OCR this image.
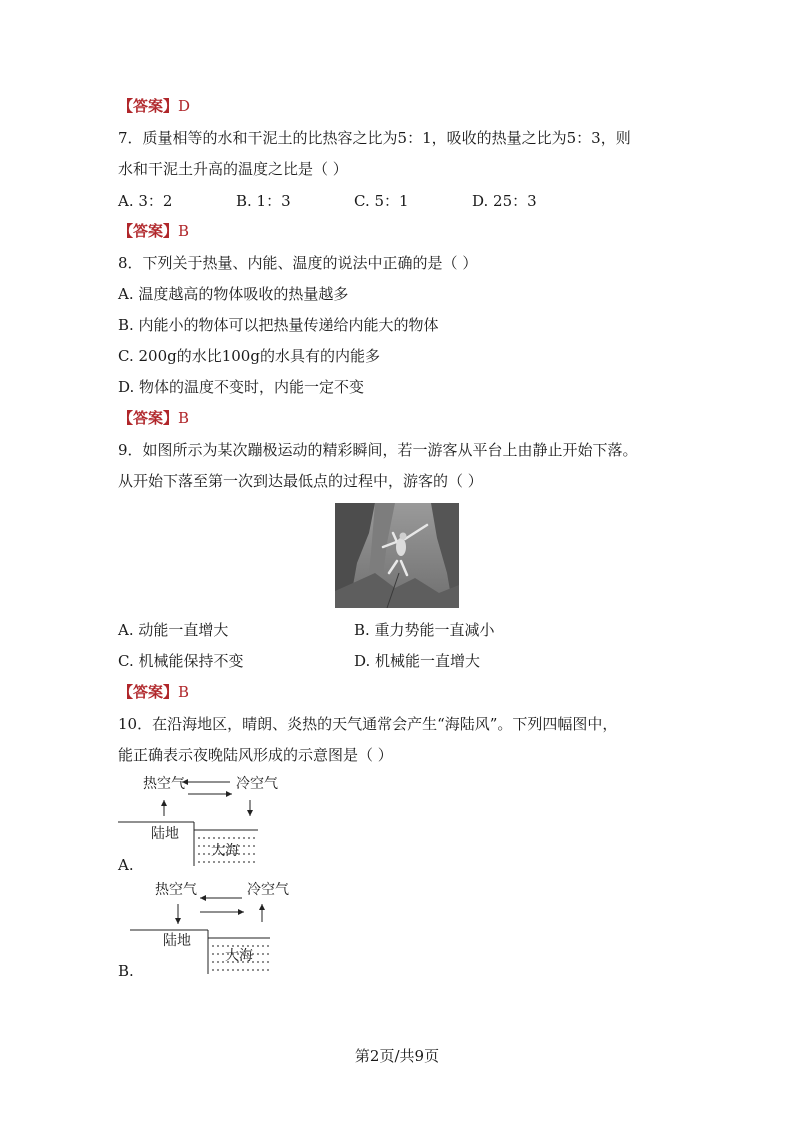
【答案】D
7．质量相等的水和干泥土的比热容之比为5：1，吸收的热量之比为5：3，则
水和干泥土升高的温度之比是（ ）
A. 3：2	B. 1：3	C. 5：1	D. 25：3
【答案】B
8．下列关于热量、内能、温度的说法中正确的是（ ）
A. 温度越高的物体吸收的热量越多
B. 内能小的物体可以把热量传递给内能大的物体
C. 200g的水比100g的水具有的内能多
D. 物体的温度不变时，内能一定不变
【答案】B
9．如图所示为某次蹦极运动的精彩瞬间，若一游客从平台上由静止开始下落。
从开始下落至第一次到达最低点的过程中，游客的（ ）
A. 动能一直增大	B. 重力势能一直减小
C. 机械能保持不变	D. 机械能一直增大
【答案】B
10．在沿海地区，晴朗、炎热的天气通常会产生“海陆风”。下列四幅图中，
能正确表示夜晚陆风形成的示意图是（ ）
热空气	冷空气
陆地
大海
A.
热空气	冷空气
陆地
大海
B.
第2页/共9页
